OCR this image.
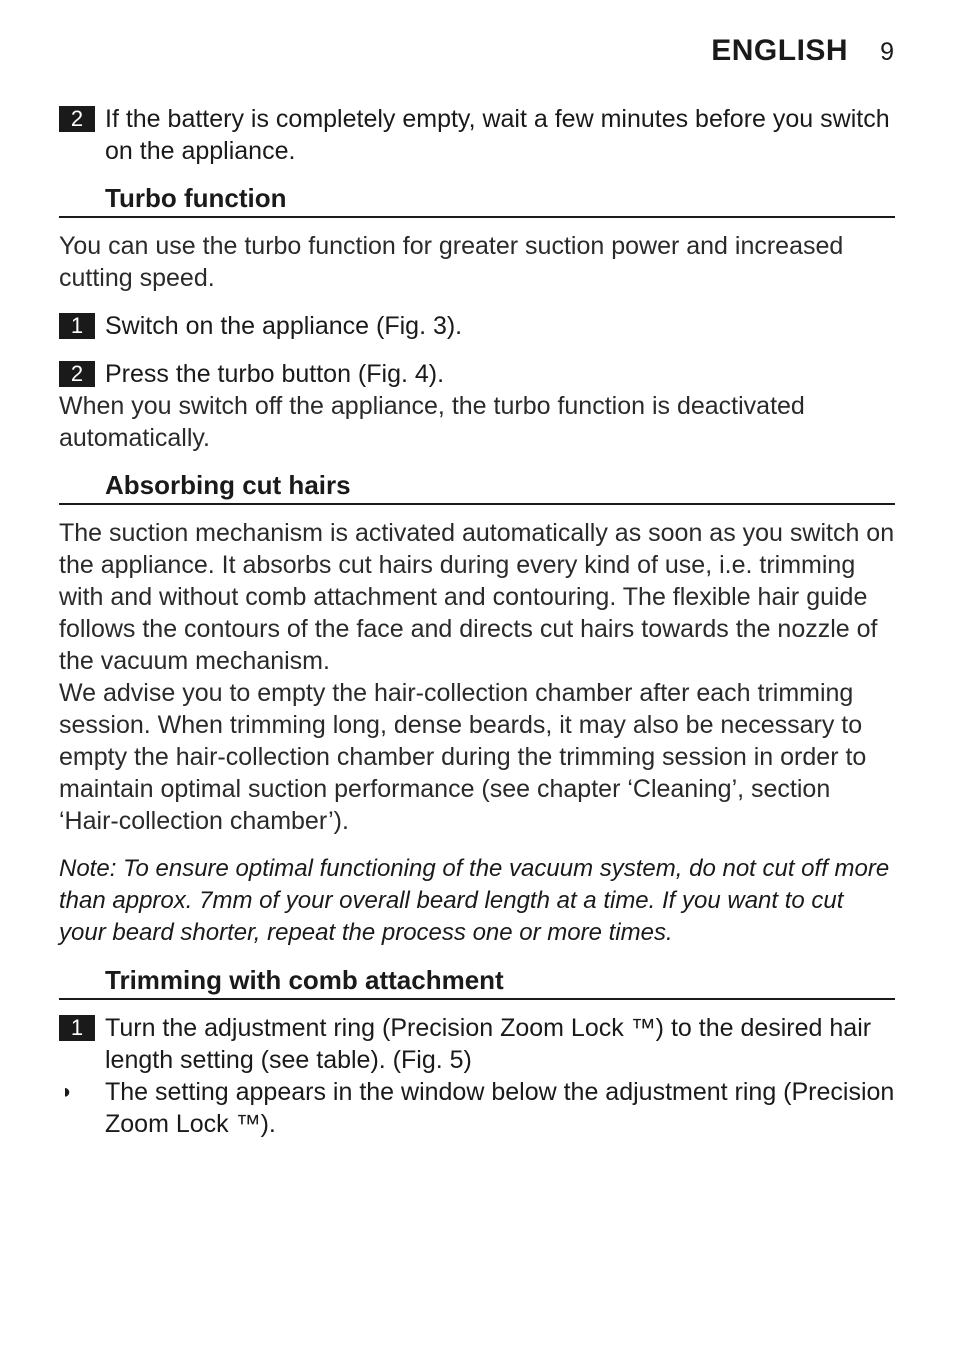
ENGLISH 9
2 If the battery is completely empty, wait a few minutes before you switch on the appliance.
Turbo function
You can use the turbo function for greater suction power and increased cutting speed.
1 Switch on the appliance (Fig. 3).
2 Press the turbo button (Fig. 4).
When you switch off the appliance, the turbo function is deactivated automatically.
Absorbing cut hairs
The suction mechanism is activated automatically as soon as you switch on the appliance. It absorbs cut hairs during every kind of use, i.e. trimming with and without comb attachment and contouring. The flexible hair guide follows the contours of the face and directs cut hairs towards the nozzle of the vacuum mechanism.
We advise you to empty the hair-collection chamber after each trimming session. When trimming long, dense beards, it may also be necessary to empty the hair-collection chamber during the trimming session in order to maintain optimal suction performance (see chapter ‘Cleaning’, section ‘Hair-collection chamber’).
Note: To ensure optimal functioning of the vacuum system, do not cut off more than approx. 7mm of your overall beard length at a time. If you want to cut your beard shorter, repeat the process one or more times.
Trimming with comb attachment
1 Turn the adjustment ring (Precision Zoom Lock ™) to the desired hair length setting (see table). (Fig. 5)
◗ The setting appears in the window below the adjustment ring (Precision Zoom Lock ™).
